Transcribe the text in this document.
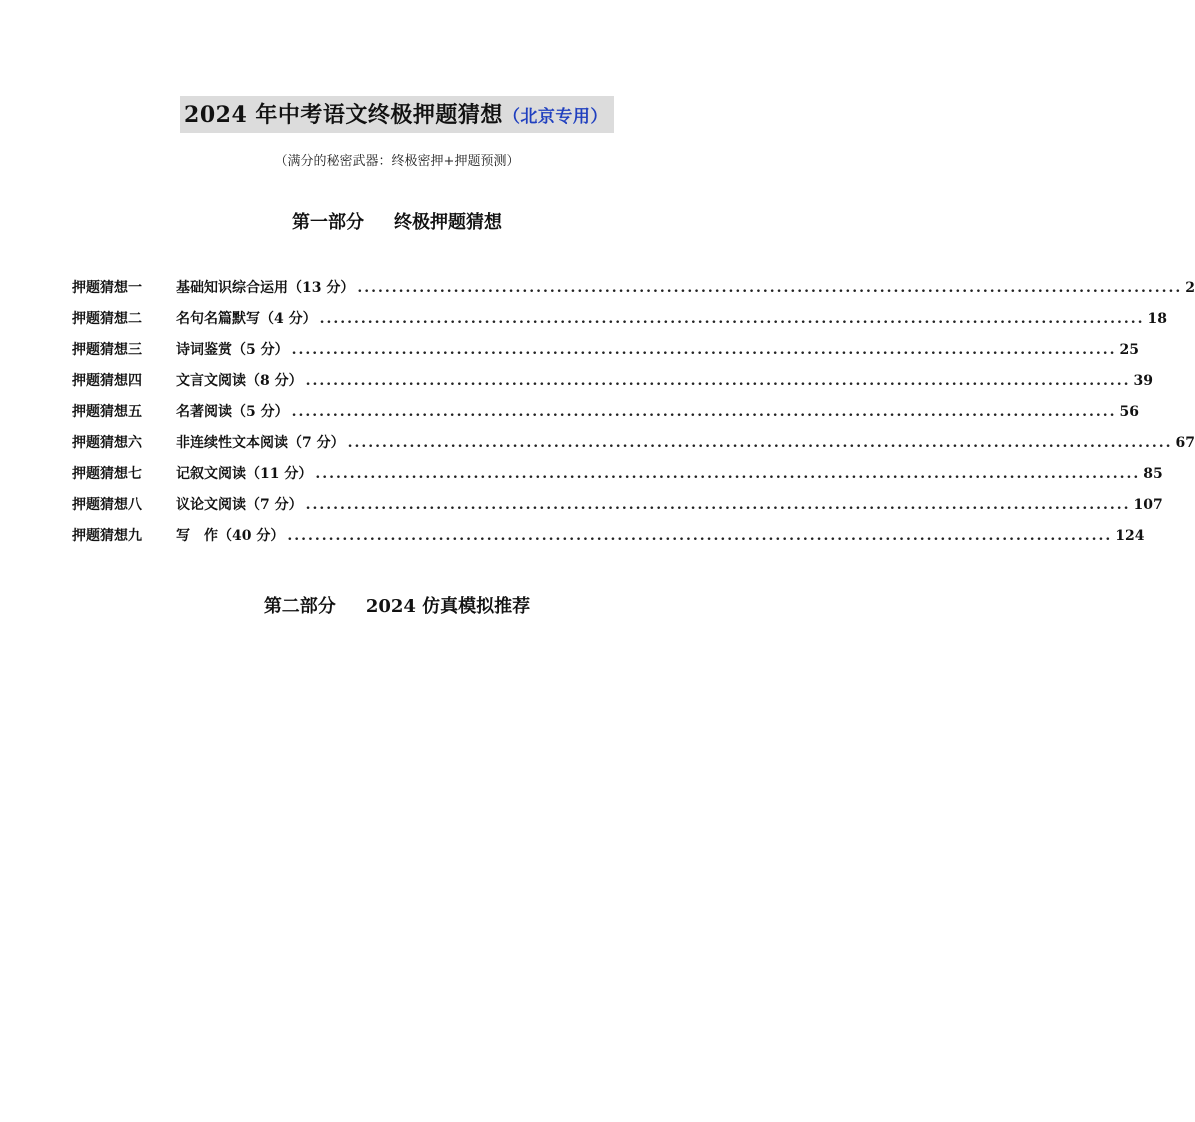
2024 年中考语文终极押题猜想（北京专用）
（满分的秘密武器：终极密押+押题预测）
第一部分 终极押题猜想
押题猜想一	基础知识综合运用（13 分） ........................................................................................................................ 2
押题猜想二	名句名篇默写（4 分） ........................................................................................................................ 18
押题猜想三	诗词鉴赏（5 分） ........................................................................................................................ 25
押题猜想四	文言文阅读（8 分） ........................................................................................................................ 39
押题猜想五	名著阅读（5 分） ........................................................................................................................ 56
押题猜想六	非连续性文本阅读（7 分） ........................................................................................................................ 67
押题猜想七	记叙文阅读（11 分） ........................................................................................................................ 85
押题猜想八	议论文阅读（7 分） ........................................................................................................................ 107
押题猜想九	写　作（40 分） ........................................................................................................................ 124
第二部分 2024 仿真模拟推荐
